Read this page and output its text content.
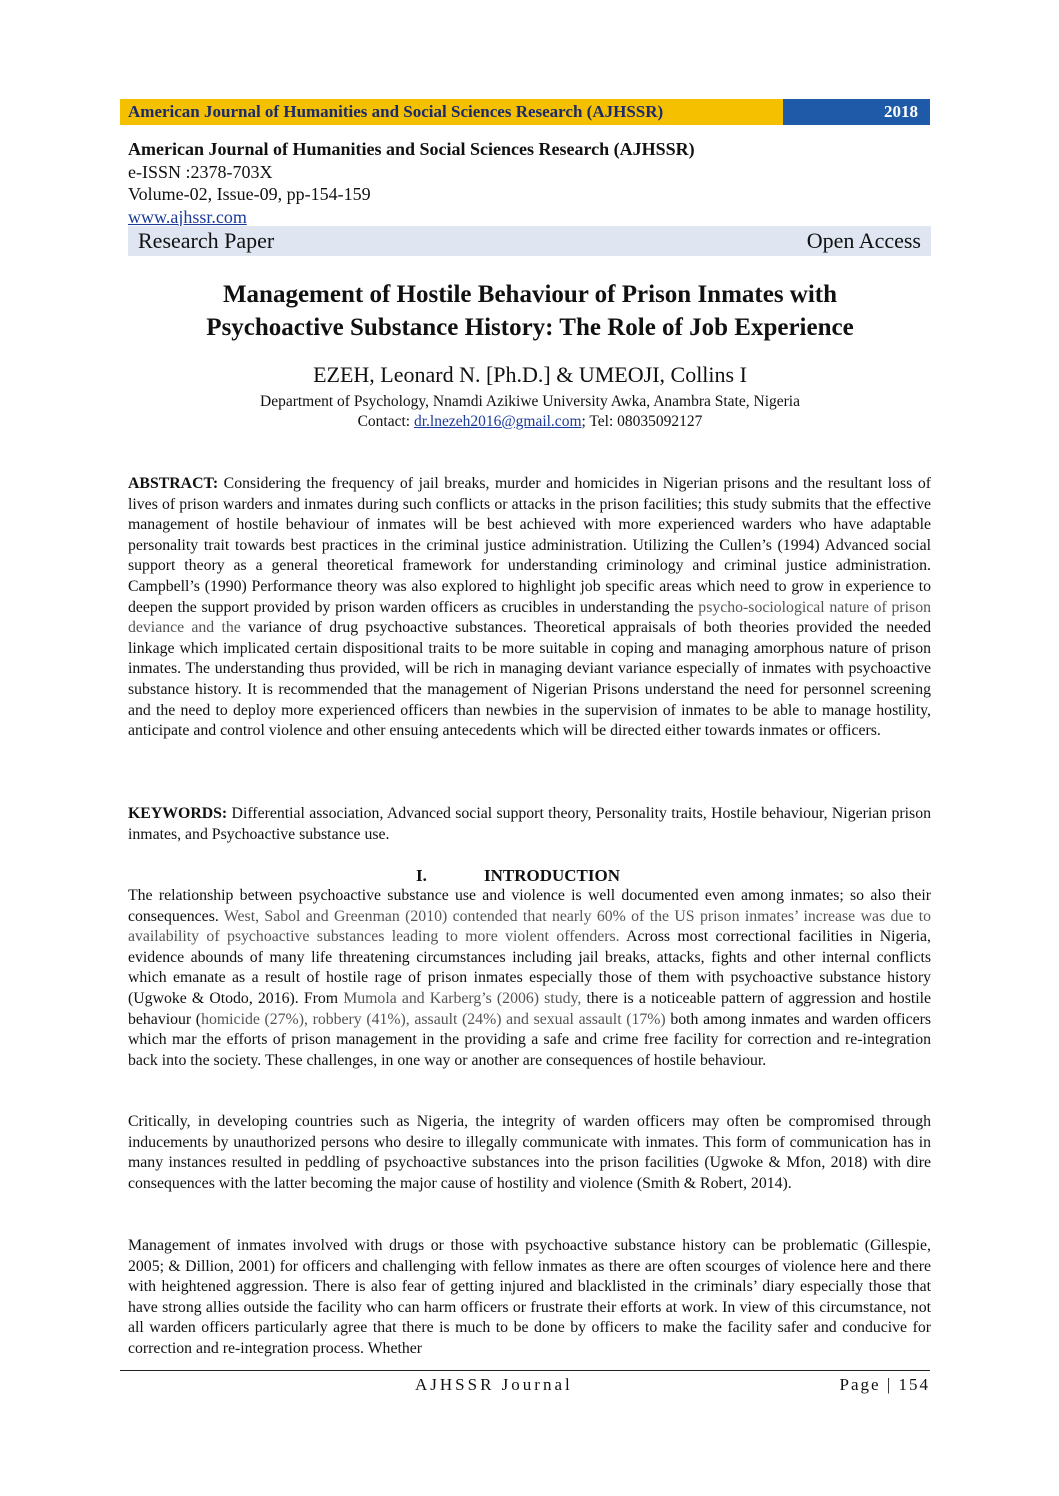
American Journal of Humanities and Social Sciences Research (AJHSSR)	2018
American Journal of Humanities and Social Sciences Research (AJHSSR)
e-ISSN :2378-703X
Volume-02, Issue-09, pp-154-159
www.ajhssr.com
Research Paper	Open Access
Management of Hostile Behaviour of Prison Inmates with
Psychoactive Substance History: The Role of Job Experience
EZEH, Leonard N. [Ph.D.] & UMEOJI, Collins I
Department of Psychology, Nnamdi Azikiwe University Awka, Anambra State, Nigeria
Contact: dr.lnezeh2016@gmail.com; Tel: 08035092127

ABSTRACT: Considering the frequency of jail breaks, murder and homicides in Nigerian prisons and the resultant loss of lives of prison warders and inmates during such conflicts or attacks in the prison facilities; this study submits that the effective management of hostile behaviour of inmates will be best achieved with more experienced warders who have adaptable personality trait towards best practices in the criminal justice administration. Utilizing the Cullen’s (1994) Advanced social support theory as a general theoretical framework for understanding criminology and criminal justice administration. Campbell’s (1990) Performance theory was also explored to highlight job specific areas which need to grow in experience to deepen the support provided by prison warden officers as crucibles in understanding the psycho-sociological nature of prison deviance and the variance of drug psychoactive substances. Theoretical appraisals of both theories provided the needed linkage which implicated certain dispositional traits to be more suitable in coping and managing amorphous nature of prison inmates. The understanding thus provided, will be rich in managing deviant variance especially of inmates with psychoactive substance history. It is recommended that the management of Nigerian Prisons understand the need for personnel screening and the need to deploy more experienced officers than newbies in the supervision of inmates to be able to manage hostility, anticipate and control violence and other ensuing antecedents which will be directed either towards inmates or officers.

KEYWORDS: Differential association, Advanced social support theory, Personality traits, Hostile behaviour, Nigerian prison inmates, and Psychoactive substance use.

I.	INTRODUCTION

The relationship between psychoactive substance use and violence is well documented even among inmates; so also their consequences. West, Sabol and Greenman (2010) contended that nearly 60% of the US prison inmates’ increase was due to availability of psychoactive substances leading to more violent offenders. Across most correctional facilities in Nigeria, evidence abounds of many life threatening circumstances including jail breaks, attacks, fights and other internal conflicts which emanate as a result of hostile rage of prison inmates especially those of them with psychoactive substance history (Ugwoke & Otodo, 2016). From Mumola and Karberg’s (2006) study, there is a noticeable pattern of aggression and hostile behaviour (homicide (27%), robbery (41%), assault (24%) and sexual assault (17%) both among inmates and warden officers which mar the efforts of prison management in the providing a safe and crime free facility for correction and re-integration back into the society. These challenges, in one way or another are consequences of hostile behaviour.

Critically, in developing countries such as Nigeria, the integrity of warden officers may often be compromised through inducements by unauthorized persons who desire to illegally communicate with inmates. This form of communication has in many instances resulted in peddling of psychoactive substances into the prison facilities (Ugwoke & Mfon, 2018) with dire consequences with the latter becoming the major cause of hostility and violence (Smith & Robert, 2014).

Management of inmates involved with drugs or those with psychoactive substance history can be problematic (Gillespie, 2005; & Dillion, 2001) for officers and challenging with fellow inmates as there are often scourges of violence here and there with heightened aggression. There is also fear of getting injured and blacklisted in the criminals’ diary especially those that have strong allies outside the facility who can harm officers or frustrate their efforts at work. In view of this circumstance, not all warden officers particularly agree that there is much to be done by officers to make the facility safer and conducive for correction and re-integration process. Whether

AJHSSR Journal	Page | 154
